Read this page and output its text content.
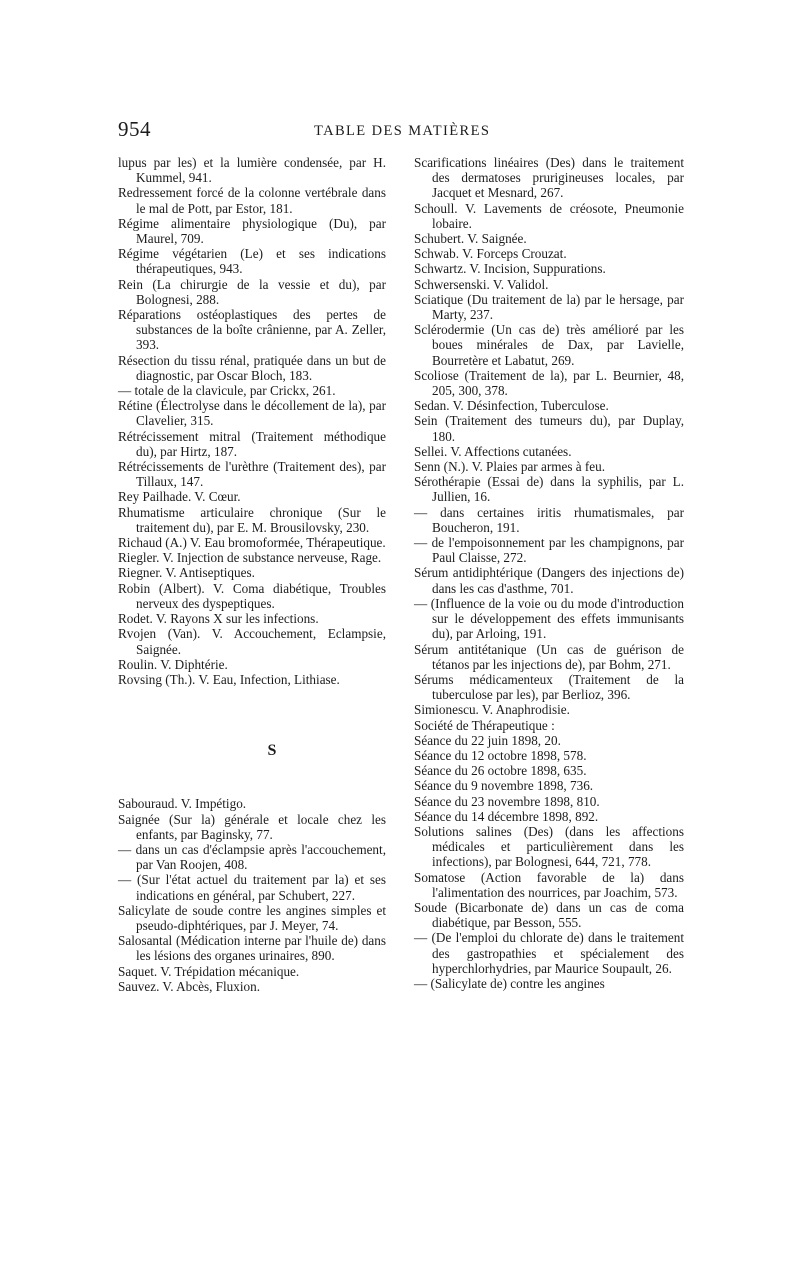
954	TABLE DES MATIÈRES

lupus par les) et la lumière condensée, par H. Kummel, 941.

Redressement forcé de la colonne vertébrale dans le mal de Pott, par Estor, 181.

Régime alimentaire physiologique (Du), par Maurel, 709.

Régime végétarien (Le) et ses indications thérapeutiques, 943.

Rein (La chirurgie de la vessie et du), par Bolognesi, 288.

Réparations ostéoplastiques des pertes de substances de la boîte crânienne, par A. Zeller, 393.

Résection du tissu rénal, pratiquée dans un but de diagnostic, par Oscar Bloch, 183.

— totale de la clavicule, par Crickx, 261.

Rétine (Électrolyse dans le décollement de la), par Clavelier, 315.

Rétrécissement mitral (Traitement méthodique du), par Hirtz, 187.

Rétrécissements de l'urèthre (Traitement des), par Tillaux, 147.

Rey Pailhade. V. Cœur.

Rhumatisme articulaire chronique (Sur le traitement du), par E. M. Brousilovsky, 230.

Richaud (A.) V. Eau bromoformée, Thérapeutique.

Riegler. V. Injection de substance nerveuse, Rage.

Riegner. V. Antiseptiques.

Robin (Albert). V. Coma diabétique, Troubles nerveux des dyspeptiques.

Rodet. V. Rayons X sur les infections.

Rvojen (Van). V. Accouchement, Eclampsie, Saignée.

Roulin. V. Diphtérie.

Rovsing (Th.). V. Eau, Infection, Lithiase.

S

Sabouraud. V. Impétigo.

Saignée (Sur la) générale et locale chez les enfants, par Baginsky, 77.

— dans un cas d'éclampsie après l'accouchement, par Van Roojen, 408.

— (Sur l'état actuel du traitement par la) et ses indications en général, par Schubert, 227.

Salicylate de soude contre les angines simples et pseudo-diphtériques, par J. Meyer, 74.

Salosantal (Médication interne par l'huile de) dans les lésions des organes urinaires, 890.

Saquet. V. Trépidation mécanique.

Sauvez. V. Abcès, Fluxion.

Scarifications linéaires (Des) dans le traitement des dermatoses prurigineuses locales, par Jacquet et Mesnard, 267.

Schoull. V. Lavements de créosote, Pneumonie lobaire.

Schubert. V. Saignée.

Schwab. V. Forceps Crouzat.

Schwartz. V. Incision, Suppurations.

Schwersenski. V. Validol.

Sciatique (Du traitement de la) par le hersage, par Marty, 237.

Sclérodermie (Un cas de) très amélioré par les boues minérales de Dax, par Lavielle, Bourretère et Labatut, 269.

Scoliose (Traitement de la), par L. Beurnier, 48, 205, 300, 378.

Sedan. V. Désinfection, Tuberculose.

Sein (Traitement des tumeurs du), par Duplay, 180.

Sellei. V. Affections cutanées.

Senn (N.). V. Plaies par armes à feu.

Sérothérapie (Essai de) dans la syphilis, par L. Jullien, 16.

— dans certaines iritis rhumatismales, par Boucheron, 191.

— de l'empoisonnement par les champignons, par Paul Claisse, 272.

Sérum antidiphtérique (Dangers des injections de) dans les cas d'asthme, 701.

— (Influence de la voie ou du mode d'introduction sur le développement des effets immunisants du), par Arloing, 191.

Sérum antitétanique (Un cas de guérison de tétanos par les injections de), par Bohm, 271.

Sérums médicamenteux (Traitement de la tuberculose par les), par Berlioz, 396.

Simionescu. V. Anaphrodisie.

Société de Thérapeutique :

Séance du 22 juin 1898, 20.

Séance du 12 octobre 1898, 578.

Séance du 26 octobre 1898, 635.

Séance du 9 novembre 1898, 736.

Séance du 23 novembre 1898, 810.

Séance du 14 décembre 1898, 892.

Solutions salines (Des) (dans les affections médicales et particulièrement dans les infections), par Bolognesi, 644, 721, 778.

Somatose (Action favorable de la) dans l'alimentation des nourrices, par Joachim, 573.

Soude (Bicarbonate de) dans un cas de coma diabétique, par Besson, 555.

— (De l'emploi du chlorate de) dans le traitement des gastropathies et spécialement des hyperchlorhydries, par Maurice Soupault, 26.

— (Salicylate de) contre les angines
